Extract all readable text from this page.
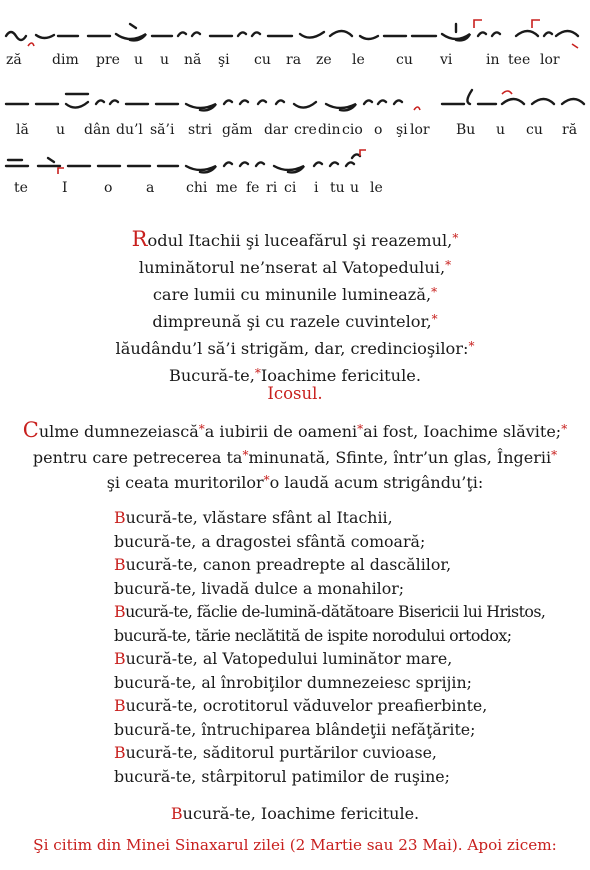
ză dim pre u u nă şi cu ra ze le cu vi in te e lor
lă u dân du’l să’i stri găm dar cre din cio o şi lor Bu u cu ră
te I	o a chi me fe ri ci i tu u le
Rodul Itachii şi luceafărul şi reazemul,*
luminătorul ne’nserat al Vatopedului,*
care lumii cu minunile luminează,*
dimpreună şi cu razele cuvintelor,*
lăudându’l să’i strigăm, dar, credincioşilor:*
Bucură-te,*Ioachime fericitule.
Icosul.
Culme dumnezeiască*a iubirii de oameni*ai fost, Ioachime slăvite;*
pentru care petrecerea ta*minunată, Sfinte, într’un glas, Îngerii*
şi ceata muritorilor*o laudă acum strigându’ţi:
Bucură-te, vlăstare sfânt al Itachii,
bucură-te, a dragostei sfântă comoară;
Bucură-te, canon preadrepte al dascălilor,
bucură-te, livadă dulce a monahilor;
Bucură-te, făclie de-lumină-dătătoare Bisericii lui Hristos,
bucură-te, tărie neclătită de ispite norodului ortodox;
Bucură-te, al Vatopedului luminător mare,
bucură-te, al înrobiţilor dumnezeiesc sprijin;
Bucură-te, ocrotitorul văduvelor preafierbinte,
bucură-te, întruchiparea blândeţii nefăţărite;
Bucură-te, săditorul purtărilor cuvioase,
bucură-te, stârpitorul patimilor de ruşine;
Bucură-te, Ioachime fericitule.
Şi citim din Minei Sinaxarul zilei (2 Martie sau 23 Mai). Apoi zicem:
